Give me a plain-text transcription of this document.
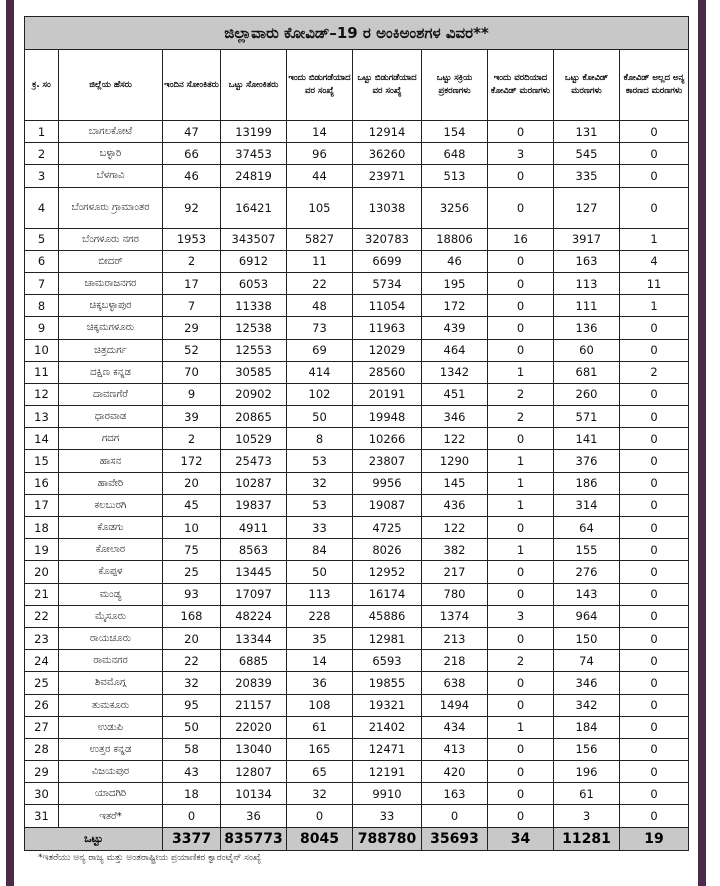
ಜಿಲ್ಲಾವಾರು ಕೋವಿಡ್‌–19 ರ ಅಂಕಿಅಂಶಗಳ ವಿವರ**									
ಕ್ರ. ಸಂ	ಜಿಲ್ಲೆಯ ಹೆಸರು	ಇಂದಿನ ಸೋಂಕಿತರು	ಒಟ್ಟು ಸೋಂಕಿತರು	ಇಂದು ಬಿಡುಗಡೆಯಾದ ವರ ಸಂಖ್ಯೆ	ಒಟ್ಟು ಬಿಡುಗಡೆಯಾದ ವರ ಸಂಖ್ಯೆ	ಒಟ್ಟು ಸಕ್ರಿಯ ಪ್ರಕರಣಗಳು	ಇಂದು ವರದಿಯಾದ ಕೋವಿಡ್‌ ಮರಣಗಳು	ಒಟ್ಟು ಕೋವಿಡ್‌ ಮರಣಗಳು	ಕೋವಿಡ್‌ ಅಲ್ಲದ ಅನ್ಯ ಕಾರಣದ ಮರಣಗಳು
1	ಬಾಗಲಕೋಟೆ	47	13199	14	12914	154	0	131	0
2	ಬಳ್ಳಾರಿ	66	37453	96	36260	648	3	545	0
3	ಬೆಳಗಾವಿ	46	24819	44	23971	513	0	335	0
4	ಬೆಂಗಳೂರು ಗ್ರಾಮಾಂತರ	92	16421	105	13038	3256	0	127	0
5	ಬೆಂಗಳೂರು ನಗರ	1953	343507	5827	320783	18806	16	3917	1
6	ಬೀದರ್‌	2	6912	11	6699	46	0	163	4
7	ಚಾಮರಾಜನಗರ	17	6053	22	5734	195	0	113	11
8	ಚಿಕ್ಕಬಳ್ಳಾಪುರ	7	11338	48	11054	172	0	111	1
9	ಚಿಕ್ಕಮಗಳೂರು	29	12538	73	11963	439	0	136	0
10	ಚಿತ್ರದುರ್ಗ	52	12553	69	12029	464	0	60	0
11	ದಕ್ಷಿಣ ಕನ್ನಡ	70	30585	414	28560	1342	1	681	2
12	ದಾವಣಗೆರೆ	9	20902	102	20191	451	2	260	0
13	ಧಾರವಾಡ	39	20865	50	19948	346	2	571	0
14	ಗದಗ	2	10529	8	10266	122	0	141	0
15	ಹಾಸನ	172	25473	53	23807	1290	1	376	0
16	ಹಾವೇರಿ	20	10287	32	9956	145	1	186	0
17	ಕಲಬುರಗಿ	45	19837	53	19087	436	1	314	0
18	ಕೊಡಗು	10	4911	33	4725	122	0	64	0
19	ಕೋಲಾರ	75	8563	84	8026	382	1	155	0
20	ಕೊಪ್ಪಳ	25	13445	50	12952	217	0	276	0
21	ಮಂಡ್ಯ	93	17097	113	16174	780	0	143	0
22	ಮೈಸೂರು	168	48224	228	45886	1374	3	964	0
23	ರಾಯಚೂರು	20	13344	35	12981	213	0	150	0
24	ರಾಮನಗರ	22	6885	14	6593	218	2	74	0
25	ಶಿವಮೊಗ್ಗ	32	20839	36	19855	638	0	346	0
26	ತುಮಕೂರು	95	21157	108	19321	1494	0	342	0
27	ಉಡುಪಿ	50	22020	61	21402	434	1	184	0
28	ಉತ್ತರ ಕನ್ನಡ	58	13040	165	12471	413	0	156	0
29	ವಿಜಯಪುರ	43	12807	65	12191	420	0	196	0
30	ಯಾದಗಿರಿ	18	10134	32	9910	163	0	61	0
31	ಇತರೆ*	0	36	0	33	0	0	3	0
ಒಟ್ಟು		3377	835773	8045	788780	35693	34	11281	19
*ಇತರೆಯು ಅನ್ಯ ರಾಜ್ಯ ಮತ್ತು ಅಂತರಾಷ್ಟ್ರೀಯ ಪ್ರಯಾಣಿಕರ ಕ್ವಾರಂಟೈನ್‌ ಸಂಖ್ಯೆ
